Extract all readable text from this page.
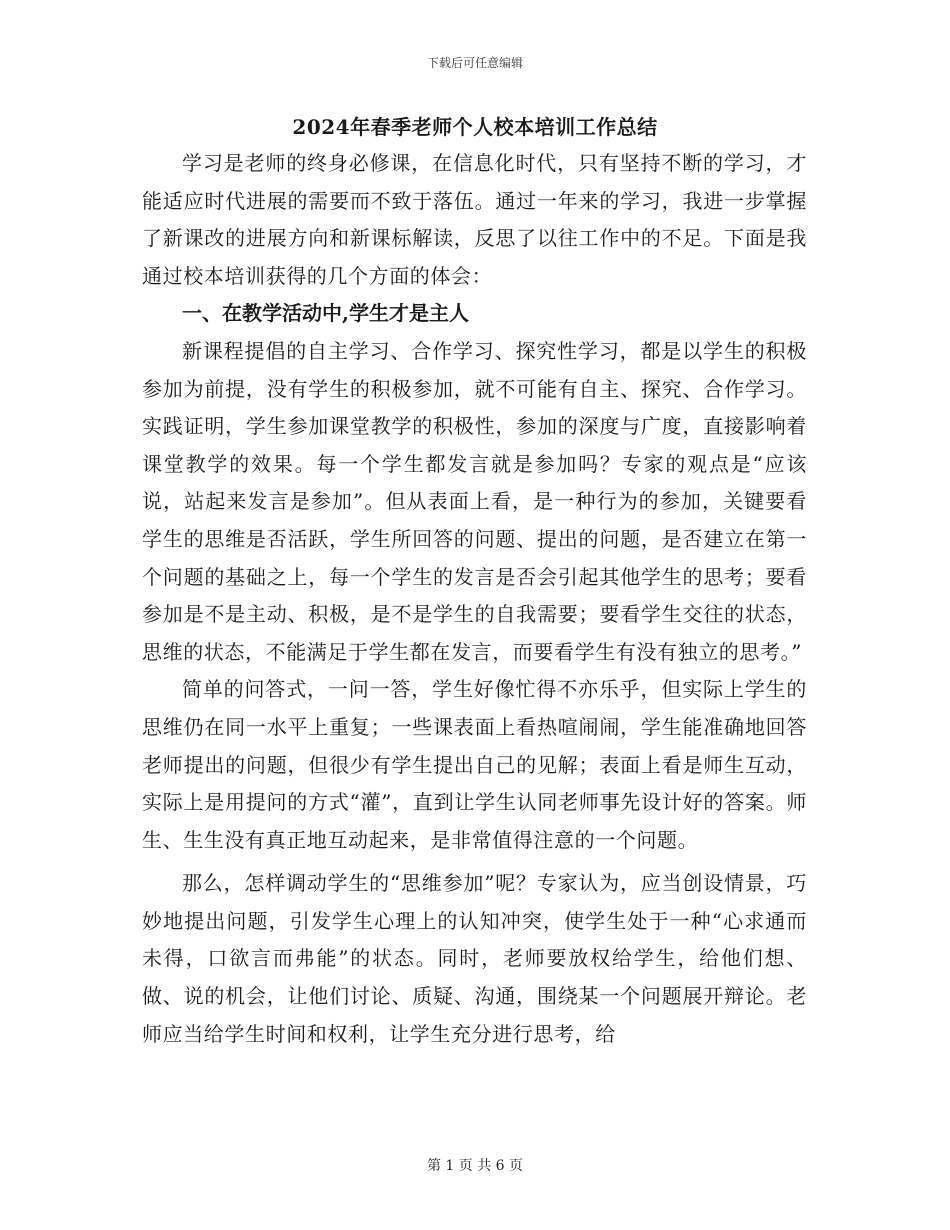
下载后可任意编辑
2024年春季老师个人校本培训工作总结

学习是老师的终身必修课，在信息化时代，只有坚持不断的学习，才能适应时代进展的需要而不致于落伍。通过一年来的学习，我进一步掌握了新课改的进展方向和新课标解读，反思了以往工作中的不足。下面是我通过校本培训获得的几个方面的体会：

一、在教学活动中,学生才是主人

新课程提倡的自主学习、合作学习、探究性学习，都是以学生的积极参加为前提，没有学生的积极参加，就不可能有自主、探究、合作学习。实践证明，学生参加课堂教学的积极性，参加的深度与广度，直接影响着课堂教学的效果。每一个学生都发言就是参加吗？专家的观点是“应该说，站起来发言是参加”。但从表面上看，是一种行为的参加，关键要看学生的思维是否活跃，学生所回答的问题、提出的问题，是否建立在第一个问题的基础之上，每一个学生的发言是否会引起其他学生的思考；要看参加是不是主动、积极，是不是学生的自我需要；要看学生交往的状态，思维的状态，不能满足于学生都在发言，而要看学生有没有独立的思考。”

简单的问答式，一问一答，学生好像忙得不亦乐乎，但实际上学生的思维仍在同一水平上重复；一些课表面上看热喧闹闹，学生能准确地回答老师提出的问题，但很少有学生提出自己的见解；表面上看是师生互动，实际上是用提问的方式“灌”，直到让学生认同老师事先设计好的答案。师生、生生没有真正地互动起来，是非常值得注意的一个问题。

那么，怎样调动学生的“思维参加”呢？专家认为，应当创设情景，巧妙地提出问题，引发学生心理上的认知冲突，使学生处于一种“心求通而未得，口欲言而弗能”的状态。同时，老师要放权给学生，给他们想、做、说的机会，让他们讨论、质疑、沟通，围绕某一个问题展开辩论。老师应当给学生时间和权利，让学生充分进行思考，给

第 1 页 共 6 页
